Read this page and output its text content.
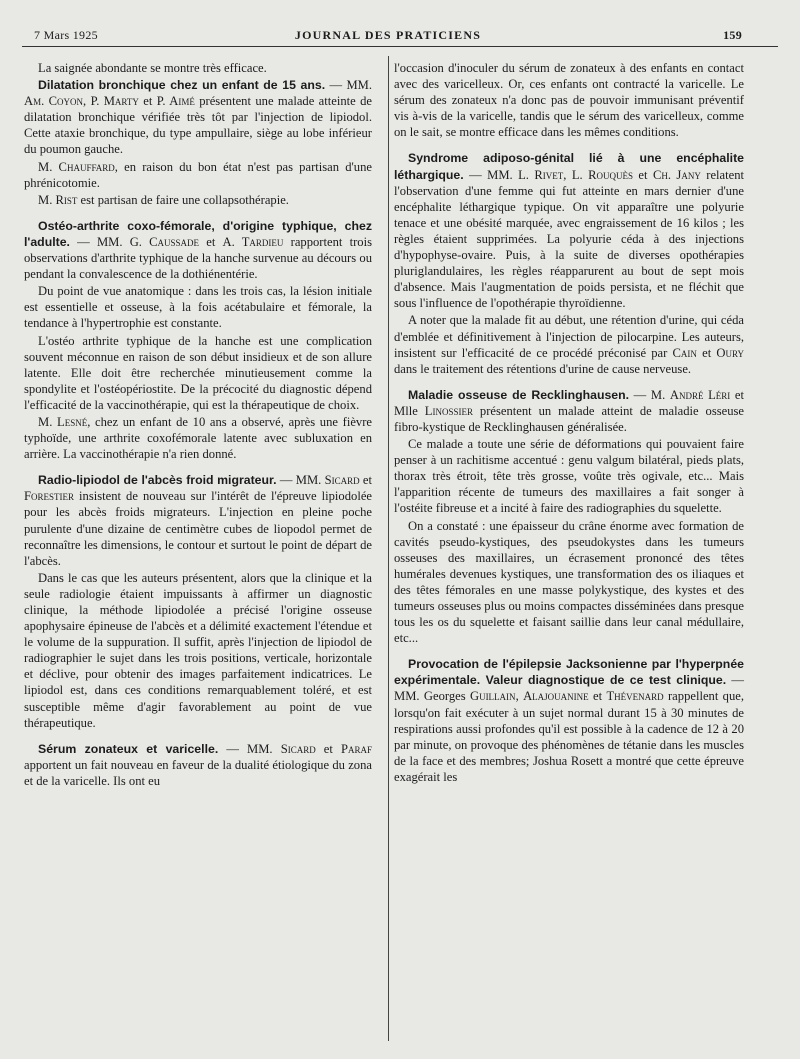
7 Mars 1925	JOURNAL DES PRATICIENS	159

La saignée abondante se montre très efficace.

Dilatation bronchique chez un enfant de 15 ans. — MM. Am. Coyon, P. Marty et P. Aimé présentent une malade atteinte de dilatation bronchique vérifiée très tôt par l'injection de lipiodol. Cette ataxie bronchique, du type ampullaire, siège au lobe inférieur du poumon gauche.

M. Chauffard, en raison du bon état n'est pas partisan d'une phrénicotomie.

M. Rist est partisan de faire une collapsothérapie.

Ostéo-arthrite coxo-fémorale, d'origine typhique, chez l'adulte. — MM. G. Caussade et A. Tardieu rapportent trois observations d'arthrite typhique de la hanche survenue au décours ou pendant la convalescence de la dothiénentérie.

Du point de vue anatomique : dans les trois cas, la lésion initiale est essentielle et osseuse, à la fois acétabulaire et fémorale, la tendance à l'hypertrophie est constante.

L'ostéo arthrite typhique de la hanche est une complication souvent méconnue en raison de son début insidieux et de son allure latente. Elle doit être recherchée minutieusement comme la spondylite et l'ostéopériostite. De la précocité du diagnostic dépend l'efficacité de la vaccinothérapie, qui est la thérapeutique de choix.

M. Lesné, chez un enfant de 10 ans a observé, après une fièvre typhoïde, une arthrite coxofémorale latente avec subluxation en arrière. La vaccinothérapie n'a rien donné.

Radio-lipiodol de l'abcès froid migrateur. — MM. Sicard et Forestier insistent de nouveau sur l'intérêt de l'épreuve lipiodolée pour les abcès froids migrateurs. L'injection en pleine poche purulente d'une dizaine de centimètre cubes de liopodol permet de reconnaître les dimensions, le contour et surtout le point de départ de l'abcès.

Dans le cas que les auteurs présentent, alors que la clinique et la seule radiologie étaient impuissants à affirmer un diagnostic clinique, la méthode lipiodolée a précisé l'origine osseuse apophysaire épineuse de l'abcès et a délimité exactement l'étendue et le volume de la suppuration. Il suffit, après l'injection de lipiodol de radiographier le sujet dans les trois positions, verticale, horizontale et déclive, pour obtenir des images parfaitement indicatrices. Le lipiodol est, dans ces conditions remarquablement toléré, et est susceptible même d'agir favorablement au point de vue thérapeutique.

Sérum zonateux et varicelle. — MM. Sicard et Paraf apportent un fait nouveau en faveur de la dualité étiologique du zona et de la varicelle. Ils ont eu

l'occasion d'inoculer du sérum de zonateux à des enfants en contact avec des varicelleux. Or, ces enfants ont contracté la varicelle. Le sérum des zonateux n'a donc pas de pouvoir immunisant préventif vis à-vis de la varicelle, tandis que le sérum des varicelleux, comme on le sait, se montre efficace dans les mêmes conditions.

Syndrome adiposo-génital lié à une encéphalite léthargique. — MM. L. Rivet, L. Rouquès et Ch. Jany relatent l'observation d'une femme qui fut atteinte en mars dernier d'une encéphalite léthargique typique. On vit apparaître une polyurie tenace et une obésité marquée, avec engraissement de 16 kilos ; les règles étaient supprimées. La polyurie céda à des injections d'hypophyse-ovaire. Puis, à la suite de diverses opothérapies pluriglandulaires, les règles réapparurent au bout de sept mois d'absence. Mais l'augmentation de poids persista, et ne fléchit que sous l'influence de l'opothérapie thyroïdienne.

A noter que la malade fit au début, une rétention d'urine, qui céda d'emblée et définitivement à l'injection de pilocarpine. Les auteurs, insistent sur l'efficacité de ce procédé préconisé par Cain et Oury dans le traitement des rétentions d'urine de cause nerveuse.

Maladie osseuse de Recklinghausen. — M. André Léri et Mlle Linossier présentent un malade atteint de maladie osseuse fibro-kystique de Recklinghausen généralisée.

Ce malade a toute une série de déformations qui pouvaient faire penser à un rachitisme accentué : genu valgum bilatéral, pieds plats, thorax très étroit, tête très grosse, voûte très ogivale, etc... Mais l'apparition récente de tumeurs des maxillaires a fait songer à l'ostéite fibreuse et a incité à faire des radiographies du squelette.

On a constaté : une épaisseur du crâne énorme avec formation de cavités pseudo-kystiques, des pseudokystes dans les tumeurs osseuses des maxillaires, un écrasement prononcé des têtes humérales devenues kystiques, une transformation des os iliaques et des têtes fémorales en une masse polykystique, des kystes et des tumeurs osseuses plus ou moins compactes disséminées dans presque tous les os du squelette et faisant saillie dans leur canal médullaire, etc...

Provocation de l'épilepsie Jacksonienne par l'hyperpnée expérimentale. Valeur diagnostique de ce test clinique. — MM. Georges Guillain, Alajouanine et Thévenard rappellent que, lorsqu'on fait exécuter à un sujet normal durant 15 à 30 minutes de respirations aussi profondes qu'il est possible à la cadence de 12 à 20 par minute, on provoque des phénomènes de tétanie dans les muscles de la face et des membres; Joshua Rosett a montré que cette épreuve exagérait les
